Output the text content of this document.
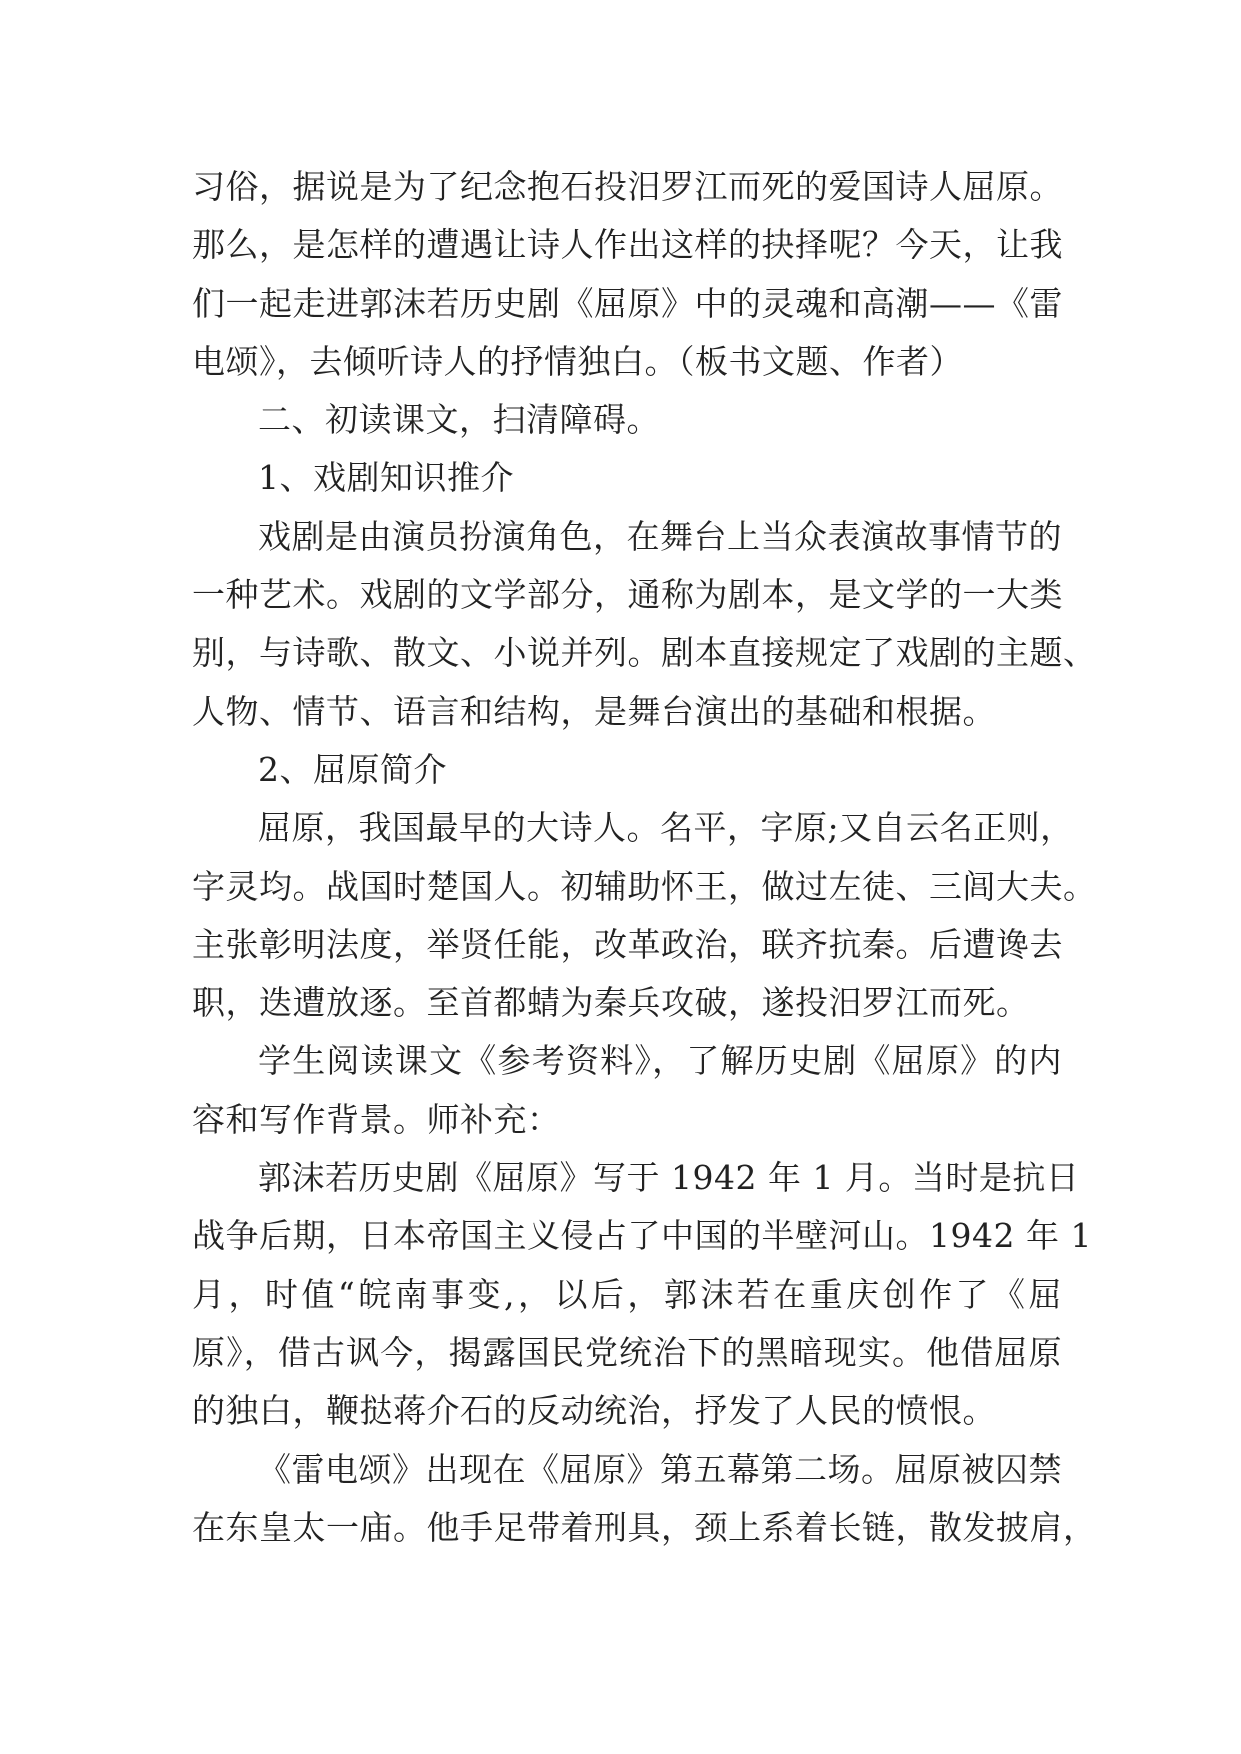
习俗，据说是为了纪念抱石投汨罗江而死的爱国诗人屈原。
那么，是怎样的遭遇让诗人作出这样的抉择呢？今天，让我
们一起走进郭沫若历史剧《屈原》中的灵魂和高潮——《雷
电颂》，去倾听诗人的抒情独白。（板书文题、作者）
二、初读课文，扫清障碍。
1、戏剧知识推介
戏剧是由演员扮演角色，在舞台上当众表演故事情节的
一种艺术。戏剧的文学部分，通称为剧本，是文学的一大类
别，与诗歌、散文、小说并列。剧本直接规定了戏剧的主题、
人物、情节、语言和结构，是舞台演出的基础和根据。
2、屈原简介
屈原，我国最早的大诗人。名平，字原;又自云名正则，
字灵均。战国时楚国人。初辅助怀王，做过左徒、三闾大夫。
主张彰明法度，举贤任能，改革政治，联齐抗秦。后遭谗去
职，迭遭放逐。至首都蜻为秦兵攻破，遂投汨罗江而死。
学生阅读课文《参考资料》，了解历史剧《屈原》的内
容和写作背景。师补充：
郭沫若历史剧《屈原》写于 1942 年 1 月。当时是抗日
战争后期，日本帝国主义侵占了中国的半壁河山。1942 年 1
月，时值“皖南事变,，以后，郭沫若在重庆创作了《屈
原》，借古讽今，揭露国民党统治下的黑暗现实。他借屈原
的独白，鞭挞蒋介石的反动统治，抒发了人民的愤恨。
《雷电颂》出现在《屈原》第五幕第二场。屈原被囚禁
在东皇太一庙。他手足带着刑具，颈上系着长链，散发披肩，
